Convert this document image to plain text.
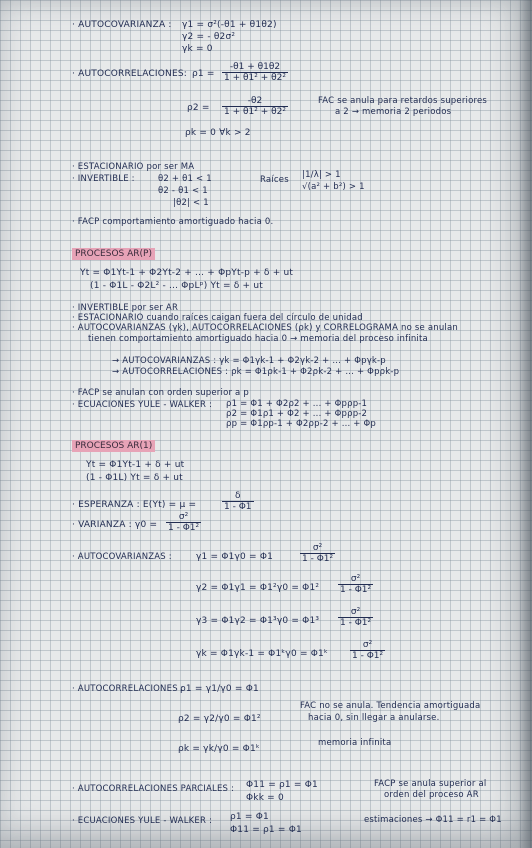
· AUTOCOVARIANZA : γ1 = σ²(-θ1 + θ1θ2)
γ2 = - θ2σ²
γk = 0
· AUTOCORRELACIONES: $\rho 1 = \frac{-\theta 1 + \theta 1\theta 2}{\text{1 + θ1² + θ2²}}$
$\rho 2 = \frac{-\theta 2}{\text{1 + θ1² + θ2²}}$	FAC se anula para retardos superiores
a 2 → memoria 2 periodos
ρk = 0 ∀k > 2
· ESTACIONARIO por ser MA
· INVERTIBLE :	θ2 + θ1 < 1
θ2 - θ1 < 1
|θ2| < 1
Raíces |1/λ| > 1
√(a² + b²) > 1
· FACP comportamiento amortiguado hacia 0.
PROCESOS AR(P)
Yt = Φ1Yt-1 + Φ2Yt-2 + ... + ΦpYt-p + δ + ut
(1 - Φ1L - Φ2L² - ... ΦpLᵖ) Yt = δ + ut
· INVERTIBLE por ser AR
· ESTACIONARIO cuando raíces caigan fuera del círculo de unidad
· AUTOCOVARIANZAS (γk), AUTOCORRELACIONES (ρk) y CORRELOGRAMA no se anulan
tienen comportamiento amortiguado hacia 0 → memoria del proceso infinita
→ AUTOCOVARIANZAS : γk = Φ1γk-1 + Φ2γk-2 + ... + Φpγk-p
→ AUTOCORRELACIONES : ρk = Φ1ρk-1 + Φ2ρk-2 + ... + Φpρk-p
· FACP se anulan con orden superior a p
· ECUACIONES YULE - WALKER : ρ1 = Φ1 + Φ2ρ2 + ... + Φpρp-1
ρ2 = Φ1ρ1 + Φ2 + ... + Φpρp-2
ρp = Φ1ρp-1 + Φ2ρp-2 + ... + Φp
PROCESOS AR(1)
Yt = Φ1Yt-1 + δ + ut
(1 - Φ1L) Yt = δ + ut
· ESPERANZA : E(Yt) = μ =	$\frac{\delta}{1 - \Phi 1}$
· VARIANZA : $\gamma 0 = \frac{\text{σ²}}{\text{1 - Φ1²}}$
· AUTOCOVARIANZAS :	γ1 = Φ1γ0 = Φ1	$\frac{\text{σ²}}{\text{1 - Φ1²}}$
$\gamma 2 = \Phi 1\gamma 1 = \Phi 1^2\gamma 0 = \Phi 1^2 \frac{\text{σ²}}{\text{1 - Φ1²}}$
$\gamma 3 = \Phi 1\gamma 2 = \Phi 1^3\gamma 0 = \Phi 1^3 \frac{\text{σ²}}{\text{1 - Φ1²}}$
γk = Φ1γk-1 = Φ1ᵏγ0 = Φ1ᵏ $\frac{\text{σ²}}{\text{1 - Φ1²}}$
· AUTOCORRELACIONES :
ρ1 = γ1/γ0 = Φ1
ρ2 = γ2/γ0 = Φ1²
ρk = γk/γ0 = Φ1ᵏ
FAC no se anula. Tendencia amortiguada
hacia 0, sin llegar a anularse.
memoria infinita
· AUTOCORRELACIONES PARCIALES : Φ11 = ρ1 = Φ1
Φkk = 0
FACP se anula superior al
orden del proceso AR
· ECUACIONES YULE - WALKER : ρ1 = Φ1
Φ11 = ρ1 = Φ1
estimaciones → Φ11 = r1 = Φ1
